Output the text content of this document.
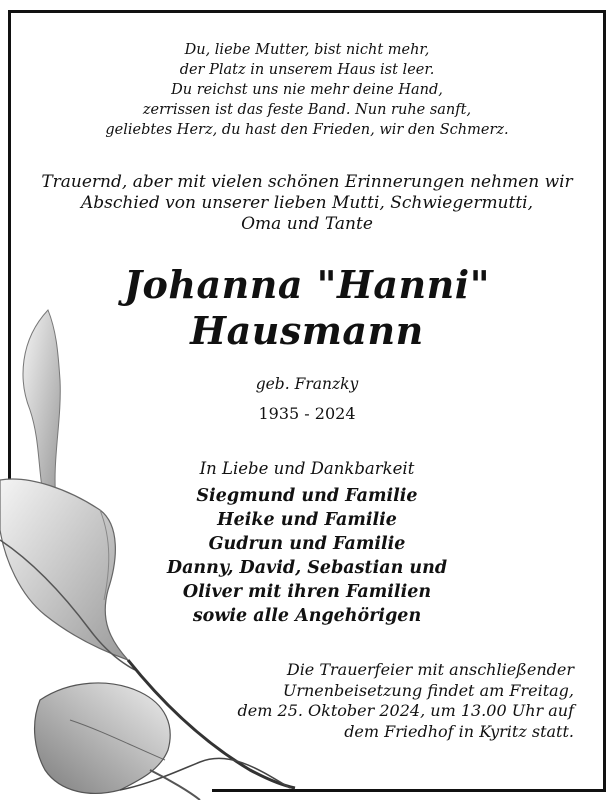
Du, liebe Mutter, bist nicht mehr,
der Platz in unserem Haus ist leer.
Du reichst uns nie mehr deine Hand,
zerrissen ist das feste Band. Nun ruhe sanft,
geliebtes Herz, du hast den Frieden, wir den Schmerz.
Trauernd, aber mit vielen schönen Erinnerungen nehmen wir
Abschied von unserer lieben Mutti, Schwiegermutti,
Oma und Tante
Johanna "Hanni"
Hausmann
geb. Franzky
1935 - 2024
In Liebe und Dankbarkeit
Siegmund und Familie
Heike und Familie
Gudrun und Familie
Danny, David, Sebastian und
Oliver mit ihren Familien
sowie alle Angehörigen
Die Trauerfeier mit anschließender
Urnenbeisetzung findet am Freitag,
dem 25. Oktober 2024, um 13.00 Uhr auf
dem Friedhof in Kyritz statt.
